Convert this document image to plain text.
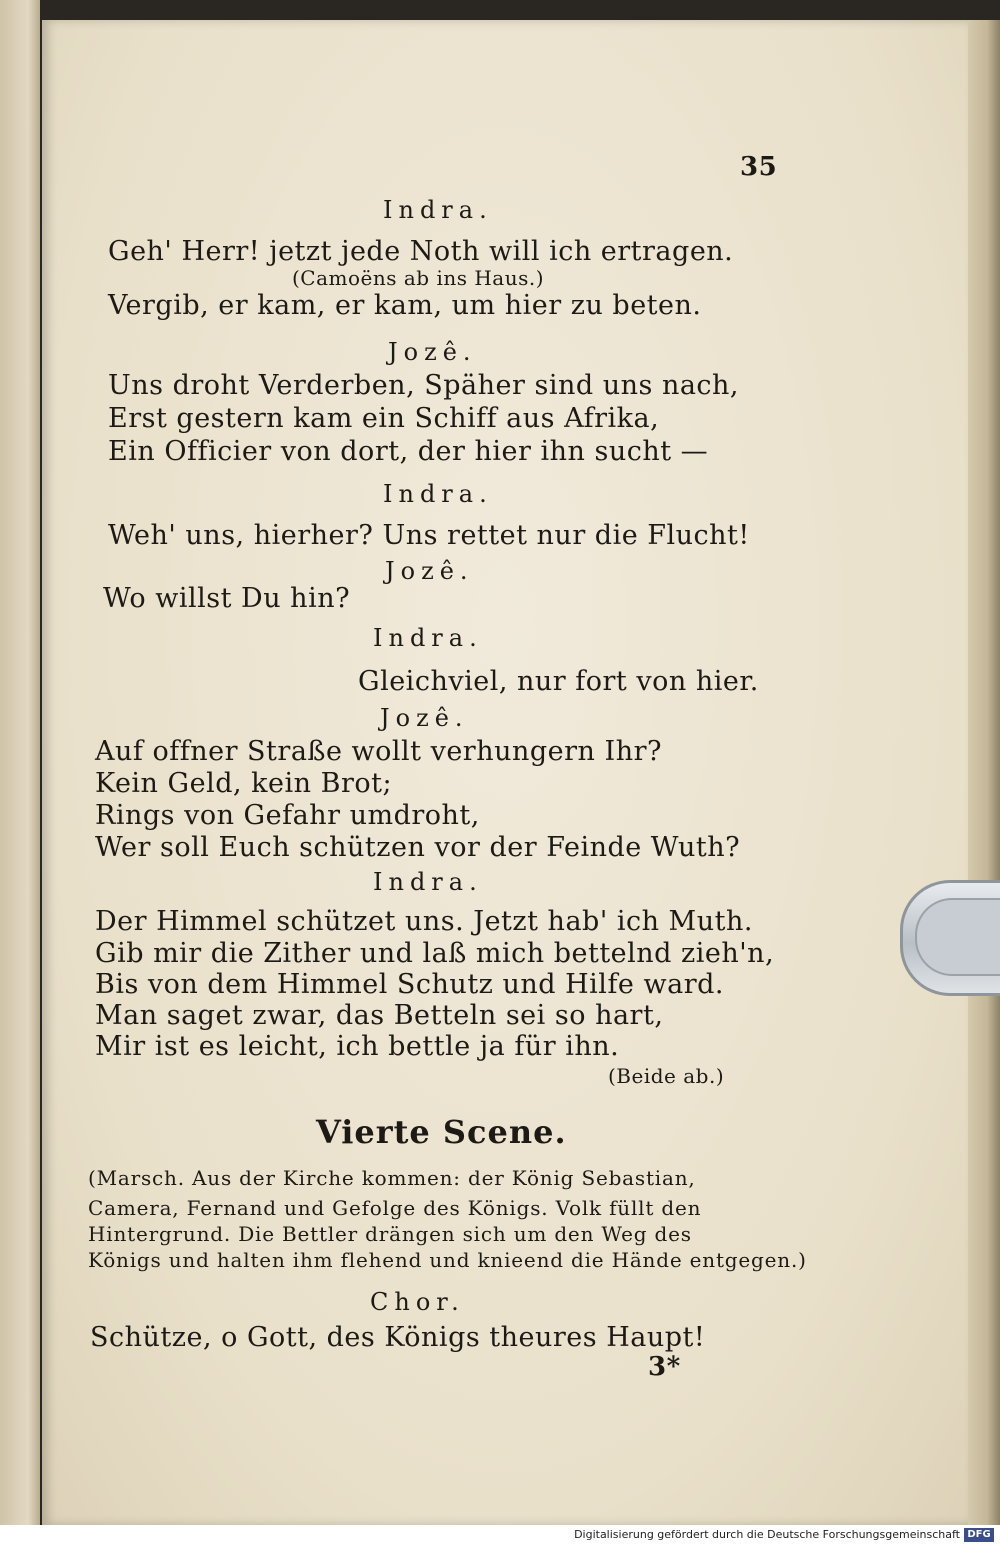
35
Indra.
Geh' Herr! jetzt jede Noth will ich ertragen.
(Camoëns ab ins Haus.)
Vergib, er kam, er kam, um hier zu beten.
Jozê.
Uns droht Verderben, Späher sind uns nach,
Erst gestern kam ein Schiff aus Afrika,
Ein Officier von dort, der hier ihn sucht —
Indra.
Weh' uns, hierher? Uns rettet nur die Flucht!
Jozê.
Wo willst Du hin?
Indra.
Gleichviel, nur fort von hier.
Jozê.
Auf offner Straße wollt verhungern Ihr?
Kein Geld, kein Brot;
Rings von Gefahr umdroht,
Wer soll Euch schützen vor der Feinde Wuth?
Indra.
Der Himmel schützet uns. Jetzt hab' ich Muth.
Gib mir die Zither und laß mich bettelnd zieh'n,
Bis von dem Himmel Schutz und Hilfe ward.
Man saget zwar, das Betteln sei so hart,
Mir ist es leicht, ich bettle ja für ihn.
(Beide ab.)
Vierte Scene.
(Marsch. Aus der Kirche kommen: der König Sebastian,
Camera, Fernand und Gefolge des Königs. Volk füllt den
Hintergrund. Die Bettler drängen sich um den Weg des
Königs und halten ihm flehend und knieend die Hände entgegen.)
Chor.
Schütze, o Gott, des Königs theures Haupt!
3*
Digitalisierung gefördert durch die Deutsche Forschungsgemeinschaft DFG
